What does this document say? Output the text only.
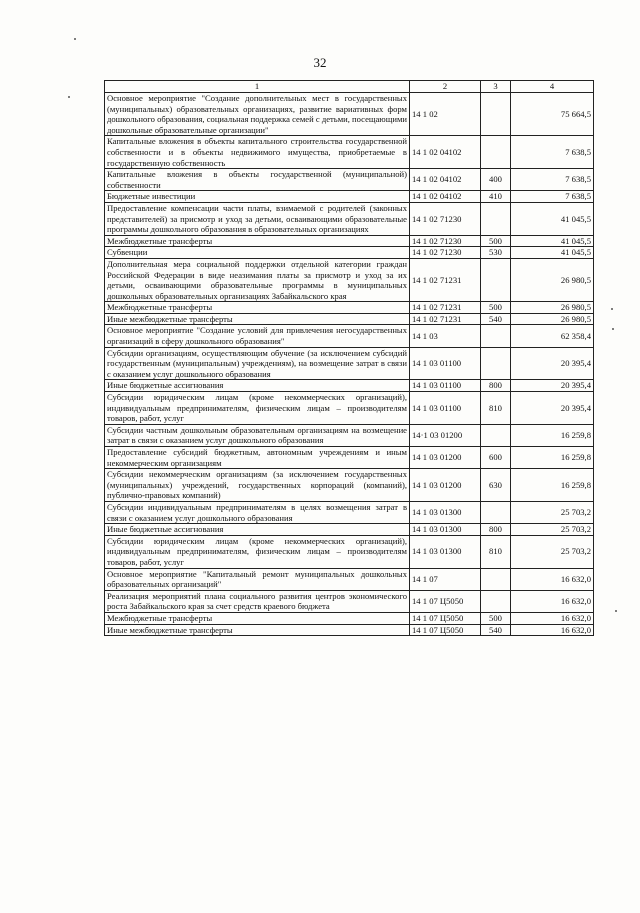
32
1	2	3	4
Основное мероприятие "Создание дополнительных мест в государственных (муниципальных) образовательных организациях, развитие вариативных форм дошкольного образования, социальная поддержка семей с детьми, посещающими дошкольные образовательные организации"	14 1 02		75 664,5
Капитальные вложения в объекты капитального строительства государственной собственности и в объекты недвижимого имущества, приобретаемые в государственную собственность	14 1 02 04102		7 638,5
Капитальные вложения в объекты государственной (муниципальной) собственности	14 1 02 04102	400	7 638,5
Бюджетные инвестиции	14 1 02 04102	410	7 638,5
Предоставление компенсации части платы, взимаемой с родителей (законных представителей) за присмотр и уход за детьми, осваивающими образовательные программы дошкольного образования в образовательных организациях	14 1 02 71230		41 045,5
Межбюджетные трансферты	14 1 02 71230	500	41 045,5
Субвенции	14 1 02 71230	530	41 045,5
Дополнительная мера социальной поддержки отдельной категории граждан Российской Федерации в виде неазимания платы за присмотр и уход за их детьми, осваивающими образовательные программы в муниципальных дошкольных образовательных организациях Забайкальского края	14 1 02 71231		26 980,5
Межбюджетные трансферты	14 1 02 71231	500	26 980,5
Иные межбюджетные трансферты	14 1 02 71231	540	26 980,5
Основное мероприятие "Создание условий для привлечения негосударственных организаций в сферу дошкольного образования"	14 1 03		62 358,4
Субсидии организациям, осуществляющим обучение (за исключением субсидий государственным (муниципальным) учреждениям), на возмещение затрат в связи с оказанием услуг дошкольного образования	14 1 03 01100		20 395,4
Иные бюджетные ассигнования	14 1 03 01100	800	20 395,4
Субсидии юридическим лицам (кроме некоммерческих организаций), индивидуальным предпринимателям, физическим лицам – производителям товаров, работ, услуг	14 1 03 01100	810	20 395,4
Субсидии частным дошкольным образовательным организациям на возмещение затрат в связи с оказанием услуг дошкольного образования	14·1 03 01200		16 259,8
Предоставление субсидий бюджетным, автономным учреждениям и иным некоммерческим организациям	14 1 03 01200	600	16 259,8
Субсидии некоммерческим организациям (за исключением государственных (муниципальных) учреждений, государственных корпораций (компаний), публично-правовых компаний)	14 1 03 01200	630	16 259,8
Субсидии индивидуальным предпринимателям в целях возмещения затрат в связи с оказанием услуг дошкольного образования	14 1 03 01300		25 703,2
Иные бюджетные ассигнования	14 1 03 01300	800	25 703,2
Субсидии юридическим лицам (кроме некоммерческих организаций), индивидуальным предпринимателям, физическим лицам – производителям товаров, работ, услуг	14 1 03 01300	810	25 703,2
Основное мероприятие "Капитальный ремонт муниципальных дошкольных образовательных организаций"	14 1 07		16 632,0
Реализация мероприятий плана социального развития центров экономического роста Забайкальского края за счет средств краевого бюджета	14 1 07 Ц5050		16 632,0
Межбюджетные трансферты	14 1 07 Ц5050	500	16 632,0
Иные межбюджетные трансферты	14 1 07 Ц5050	540	16 632,0
